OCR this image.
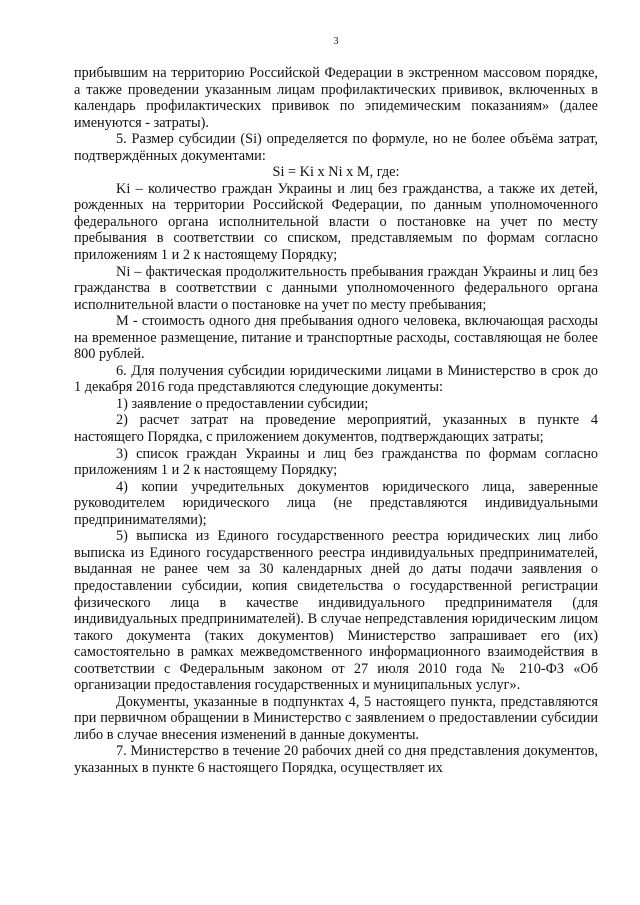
3

прибывшим на территорию Российской Федерации в экстренном массовом порядке, а также проведении указанным лицам профилактических прививок, включенных в календарь профилактических прививок по эпидемическим показаниям» (далее именуются - затраты).

5. Размер субсидии (Si) определяется по формуле, но не более объёма затрат, подтверждённых документами:

Si = Ki x Ni x M, где:

Ki – количество граждан Украины и лиц без гражданства, а также их детей, рожденных на территории Российской Федерации, по данным уполномоченного федерального органа исполнительной власти о постановке на учет по месту пребывания в соответствии со списком, представляемым по формам согласно приложениям 1 и 2 к настоящему Порядку;

Ni – фактическая продолжительность пребывания граждан Украины и лиц без гражданства в соответствии с данными уполномоченного федерального органа исполнительной власти о постановке на учет по месту пребывания;

М - стоимость одного дня пребывания одного человека, включающая расходы на временное размещение, питание и транспортные расходы, составляющая не более 800 рублей.

6. Для получения субсидии юридическими лицами в Министерство в срок до 1 декабря 2016 года представляются следующие документы:

1) заявление о предоставлении субсидии;

2) расчет затрат на проведение мероприятий, указанных в пункте 4 настоящего Порядка, с приложением документов, подтверждающих затраты;

3) список граждан Украины и лиц без гражданства по формам согласно приложениям 1 и 2 к настоящему Порядку;

4) копии учредительных документов юридического лица, заверенные руководителем юридического лица (не представляются индивидуальными предпринимателями);

5) выписка из Единого государственного реестра юридических лиц либо выписка из Единого государственного реестра индивидуальных предпринимателей, выданная не ранее чем за 30 календарных дней до даты подачи заявления о предоставлении субсидии, копия свидетельства о государственной регистрации физического лица в качестве индивидуального предпринимателя (для индивидуальных предпринимателей). В случае непредставления юридическим лицом такого документа (таких документов) Министерство запрашивает его (их) самостоятельно в рамках межведомственного информационного взаимодействия в соответствии с Федеральным законом от 27 июля 2010 года № 210-ФЗ «Об организации предоставления государственных и муниципальных услуг».

Документы, указанные в подпунктах 4, 5 настоящего пункта, представляются при первичном обращении в Министерство с заявлением о предоставлении субсидии либо в случае внесения изменений в данные документы.

7. Министерство в течение 20 рабочих дней со дня представления документов, указанных в пункте 6 настоящего Порядка, осуществляет их
